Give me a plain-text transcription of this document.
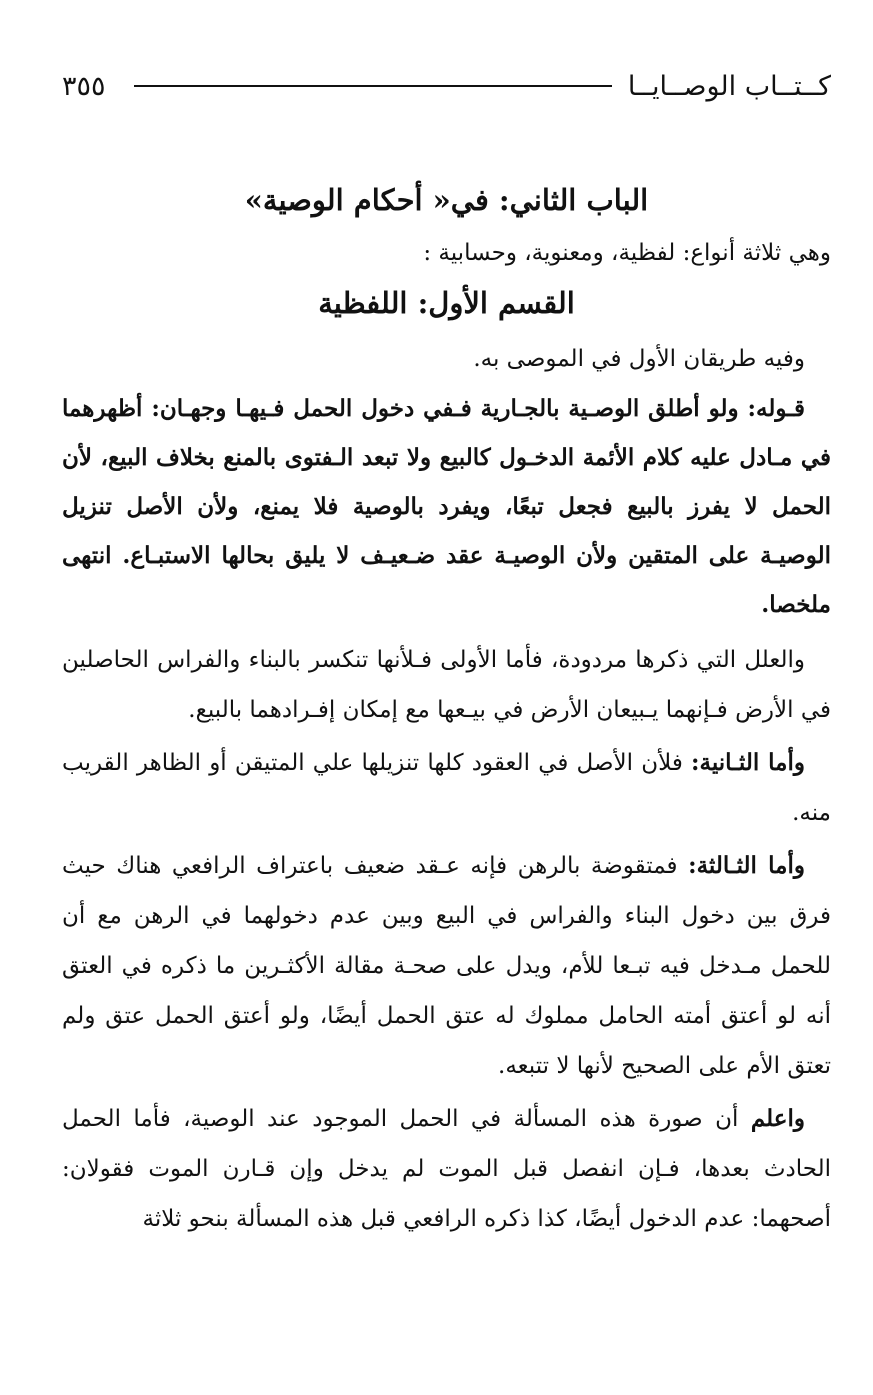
كــتــاب الوصــايــا
٣٥٥
الباب الثاني: في« أحكام الوصية»

وهي ثلاثة أنواع: لفظية، ومعنوية، وحسابية :

القسم الأول: اللفظية

وفيه طريقان الأول في الموصى به.

قـوله: ولو أطلق الوصـية بالجـارية فـفي دخول الحمل فـيهـا وجهـان: أظهرهما في مـادل عليه كلام الأئمة الدخـول كالبيع ولا تبعد الـفتوى بالمنع بخلاف البيع، لأن الحمل لا يفرز بالبيع فجعل تبعًا، ويفرد بالوصية فلا يمنع، ولأن الأصل تنزيل الوصيـة على المتقين ولأن الوصيـة عقد ضـعيـف لا يليق بحالها الاستبـاع. انتهى ملخصا.

والعلل التي ذكرها مردودة، فأما الأولى فـلأنها تنكسر بالبناء والفراس الحاصلين في الأرض فـإنهما يـبيعان الأرض في بيـعها مع إمكان إفـرادهما بالبيع.

وأما الثـانية: فلأن الأصل في العقود كلها تنزيلها علي المتيقن أو الظاهر القريب منه.

وأما الثـالثة: فمتقوضة بالرهن فإنه عـقد ضعيف باعتراف الرافعي هناك حيث فرق بين دخول البناء والفراس في البيع وبين عدم دخولهما في الرهن مع أن للحمل مـدخل فيه تبـعا للأم، ويدل على صحـة مقالة الأكثـرين ما ذكره في العتق أنه لو أعتق أمته الحامل مملوك له عتق الحمل أيضًا، ولو أعتق الحمل عتق ولم تعتق الأم على الصحيح لأنها لا تتبعه.

واعلم أن صورة هذه المسألة في الحمل الموجود عند الوصية، فأما الحمل الحادث بعدها، فـإن انفصل قبل الموت لم يدخل وإن قـارن الموت فقولان: أصحهما: عدم الدخول أيضًا، كذا ذكره الرافعي قبل هذه المسألة بنحو ثلاثة
